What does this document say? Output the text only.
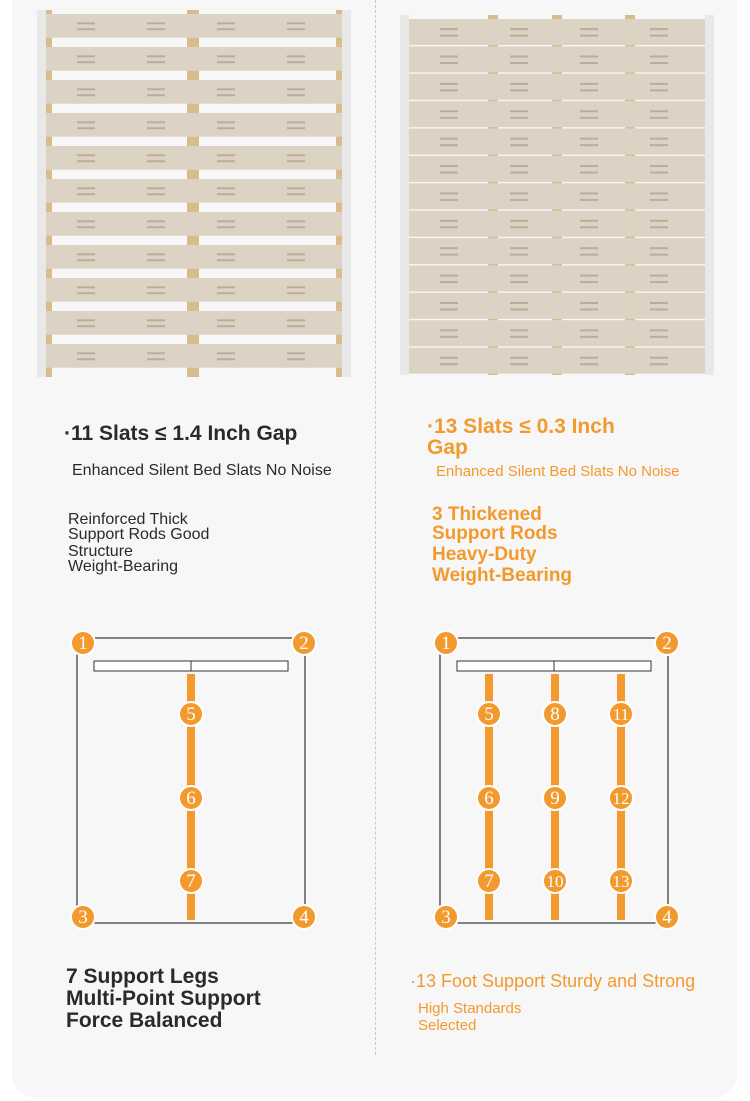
·11 Slats ≤ 1.4 Inch Gap

Enhanced Silent Bed Slats No Noise

Reinforced Thick
Support Rods Good
Structure
Weight-Bearing
·13 Slats ≤ 0.3 Inch
Gap

Enhanced Silent Bed Slats No Noise

3 Thickened
Support Rods
Heavy-Duty
Weight-Bearing
1	2
3	4
5
6
7
1	2
3	4
5
6
7
8
9
10
11
12
13
7 Support Legs
Multi-Point Support
Force Balanced

·13 Foot Support Sturdy and Strong

High Standards
Selected
